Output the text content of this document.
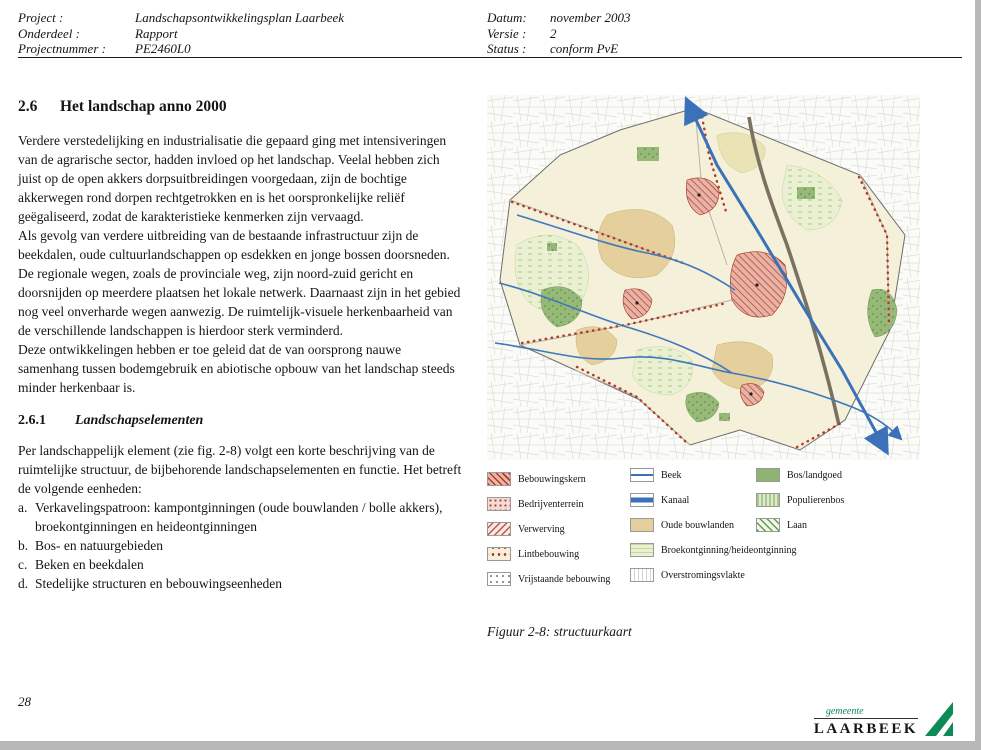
Project :	Landschapsontwikkelingsplan Laarbeek
Onderdeel :	Rapport
Projectnummer :	PE2460L0
Datum:	november 2003
Versie :	2
Status :	conform PvE
2.6	Het landschap anno 2000

Verdere verstedelijking en industrialisatie die gepaard ging met intensiveringen van de agrarische sector, hadden invloed op het landschap. Veelal hebben zich juist op de open akkers dorpsuitbreidingen voorgedaan, zijn de bochtige akkerwegen rond dorpen rechtgetrokken en is het oorspronkelijke reliëf geëgaliseerd, zodat de karakteristieke kenmerken zijn vervaagd.

Als gevolg van verdere uitbreiding van de bestaande infrastructuur zijn de beekdalen, oude cultuurlandschappen op esdekken en jonge bossen doorsneden. De regionale wegen, zoals de provinciale weg, zijn noord-zuid gericht en doorsnijden op meerdere plaatsen het lokale netwerk. Daarnaast zijn in het gebied nog veel onverharde wegen aanwezig. De ruimtelijk-visuele herkenbaarheid van de verschillende landschappen is hierdoor sterk verminderd.

Deze ontwikkelingen hebben er toe geleid dat de van oorsprong nauwe samenhang tussen bodemgebruik en abiotische opbouw van het landschap steeds minder herkenbaar is.

2.6.1	Landschapselementen

Per landschappelijk element (zie fig. 2-8) volgt een korte beschrijving van de ruimtelijke structuur, de bijbehorende landschapselementen en functie. Het betreft de volgende eenheden:

a. Verkavelingspatroon: kampontginningen (oude bouwlanden / bolle akkers), broekontginningen en heideontginningen
b. Bos- en natuurgebieden
c. Beken en beekdalen
d. Stedelijke structuren en bebouwingseenheden
Bebouwingskern
Bedrijventerrein
Verwerving
Lintbebouwing
Vrijstaande bebouwing
Beek
Kanaal
Oude bouwlanden
Broekontginning/heideontginning
Overstromingsvlakte
Bos/landgoed
Populierenbos
Laan
Figuur 2-8: structuurkaart
28
gemeente
LAARBEEK
